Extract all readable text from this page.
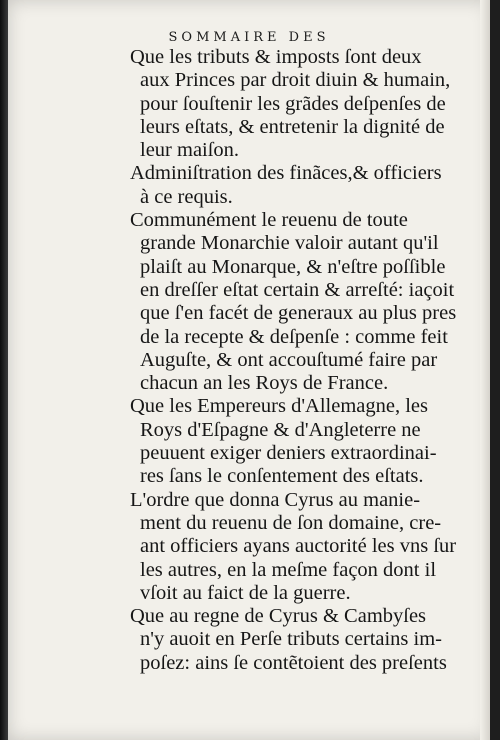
SOMMAIRE DES

Que les tributs & imposts ſont deux
aux Princes par droit diuin & humain,
pour ſouſtenir les grãdes deſpenſes de
leurs eſtats, & entretenir la dignité de
leur maiſon.

Adminiſtration des finãces,& officiers
à ce requis.

Communément le reuenu de toute
grande Monarchie valoir autant qu'il
plaiſt au Monarque, & n'eſtre poſſible
en dreſſer eſtat certain & arreſté: iaçoit
que ſ'en facét de generaux au plus pres
de la recepte & deſpenſe : comme feit
Auguſte, & ont accouſtumé faire par
chacun an les Roys de France.

Que les Empereurs d'Allemagne, les
Roys d'Eſpagne & d'Angleterre ne
peuuent exiger deniers extraordinai-
res ſans le conſentement des eſtats.

L'ordre que donna Cyrus au manie-
ment du reuenu de ſon domaine, cre-
ant officiers ayans auctorité les vns ſur
les autres, en la meſme façon dont il
vſoit au faict de la guerre.

Que au regne de Cyrus & Cambyſes
n'y auoit en Perſe tributs certains im-
poſez: ains ſe contẽtoient des preſents
